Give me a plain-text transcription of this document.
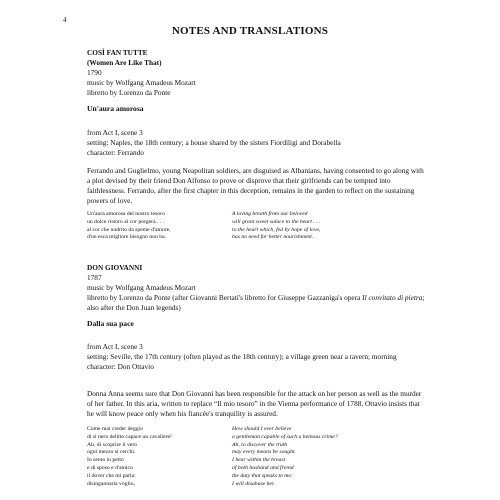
4
NOTES AND TRANSLATIONS
COSÌ FAN TUTTE
(Women Are Like That)
1790
music by Wolfgang Amadeus Mozart
libretto by Lorenzo da Ponte
Un'aura amorosa
from Act I, scene 3
setting: Naples, the 18th century; a house shared by the sisters Fiordiligi and Dorabella
character: Ferrando
Ferrando and Guglielmo, young Neapolitan soldiers, are disguised as Albanians, having consented to go along with a plot devised by their friend Don Alfonso to prove or disprove that their girlfriends can be tempted into faithlessness. Ferrando, after the first chapter in this deception, remains in the garden to reflect on the sustaining powers of love.
Un'aura amorosa del nostro tesoro
un dolce ristoro al cor porgerà . . .
al cor che nudrito da speme d'amore,
d'un esca migliore bisogno non ha.
A loving breath from our beloved
will grant sweet solace to the heart . . .
to the heart which, fed by hope of love,
has no need for better nourishment.
DON GIOVANNI
1787
music by Wolfgang Amadeus Mozart
libretto by Lorenzo da Ponte (after Giovanni Bertati's libretto for Giuseppe Gazzaniga's opera Il convitato di pietra; also after the Don Juan legends)
Dalla sua pace
from Act I, scene 3
setting: Seville, the 17th century (often played as the 18th century); a village green near a tavern; morning
character: Don Ottavio
Donna Anna seems sure that Don Giovanni has been responsible for the attack on her person as well as the murder of her father. In this aria, written to replace “Il mio tesoro” in the Vienna performance of 1788, Ottavio insists that he will know peace only when his fiancée's tranquility is assured.
Come mai creder deggio
di sì nero delitto capace un cavaliere!
Ah, di scoprire il vero
ogni mezzo si cerchi.
Io sento in petto
e di sposo e d'amico
il dover che mi parla:
disingannarla voglio,
How should I ever believe
a gentleman capable of such a heinous crime?
Ah, to discover the truth
may every means be sought.
I hear within the breast
of both husband and friend
the duty that speaks to me:
I will disabuse her.
